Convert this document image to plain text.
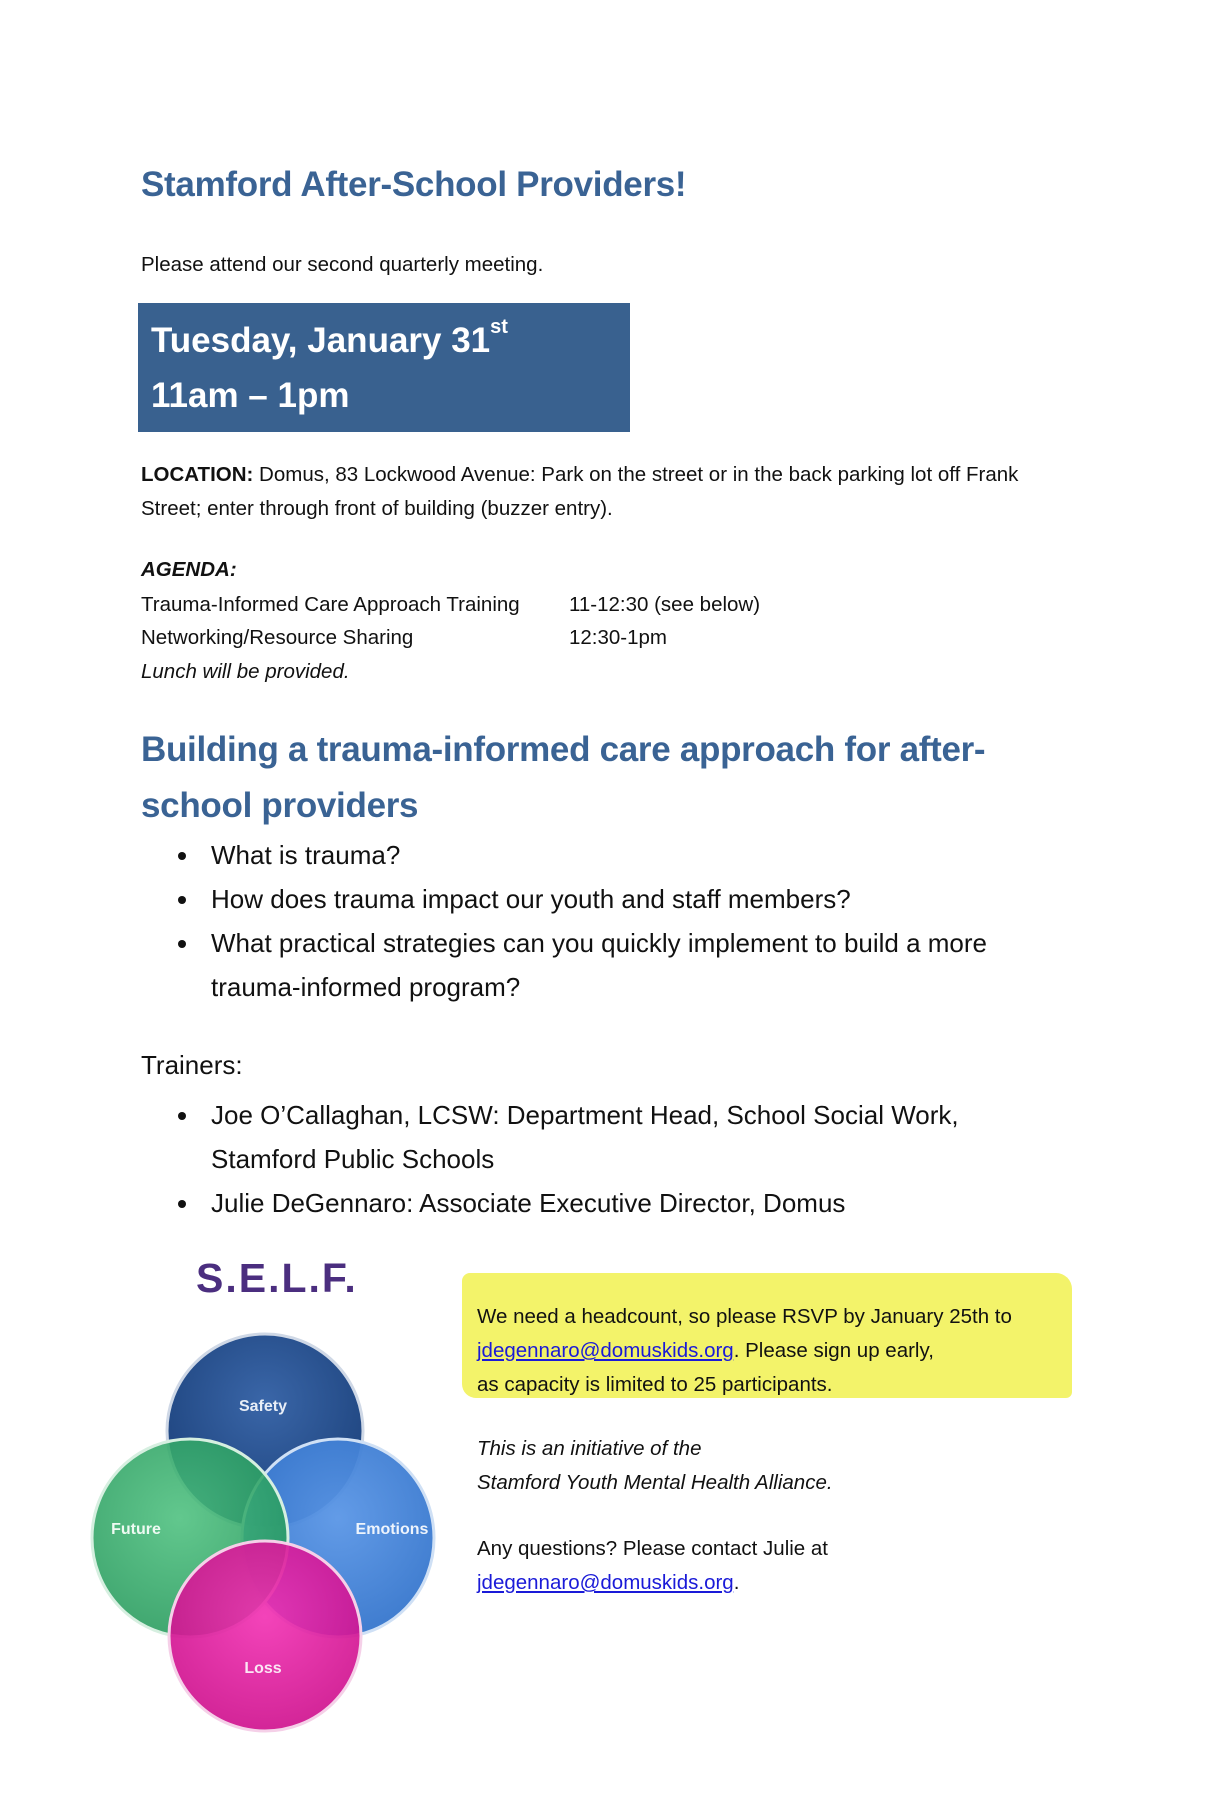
Stamford After-School Providers!
Please attend our second quarterly meeting.
Tuesday, January 31st
11am – 1pm
LOCATION: Domus, 83 Lockwood Avenue: Park on the street or in the back parking lot off Frank Street; enter through front of building (buzzer entry).
AGENDA:
Trauma-Informed Care Approach Training 11-12:30 (see below)
Networking/Resource Sharing	12:30-1pm
Lunch will be provided.
Building a trauma-informed care approach for after-school providers
What is trauma?
How does trauma impact our youth and staff members?
What practical strategies can you quickly implement to build a more trauma-informed program?
Trainers:
Joe O’Callaghan, LCSW: Department Head, School Social Work, Stamford Public Schools
Julie DeGennaro: Associate Executive Director, Domus
S.E.L.F.
Safety
Emotions
Future
Loss
We need a headcount, so please RSVP by January 25th to
jdegennaro@domuskids.org. Please sign up early,
as capacity is limited to 25 participants.
This is an initiative of the
Stamford Youth Mental Health Alliance.
Any questions? Please contact Julie at
jdegennaro@domuskids.org.
